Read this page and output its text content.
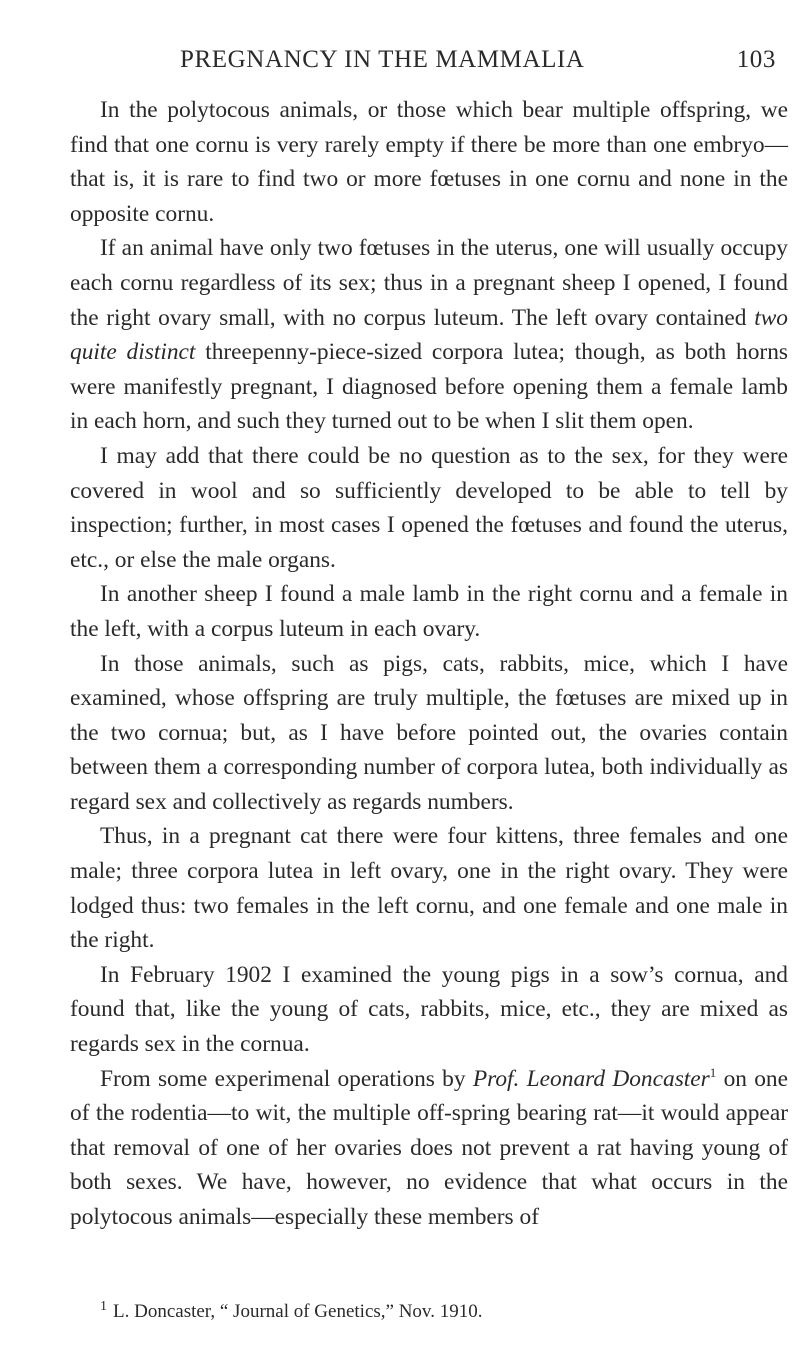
PREGNANCY IN THE MAMMALIA	103

In the polytocous animals, or those which bear multiple offspring, we find that one cornu is very rarely empty if there be more than one embryo—that is, it is rare to find two or more fœtuses in one cornu and none in the opposite cornu.

If an animal have only two fœtuses in the uterus, one will usually occupy each cornu regardless of its sex; thus in a pregnant sheep I opened, I found the right ovary small, with no corpus luteum. The left ovary contained two quite distinct threepenny-piece-sized corpora lutea; though, as both horns were manifestly pregnant, I diagnosed before opening them a female lamb in each horn, and such they turned out to be when I slit them open.

I may add that there could be no question as to the sex, for they were covered in wool and so sufficiently developed to be able to tell by inspection; further, in most cases I opened the fœtuses and found the uterus, etc., or else the male organs.

In another sheep I found a male lamb in the right cornu and a female in the left, with a corpus luteum in each ovary.

In those animals, such as pigs, cats, rabbits, mice, which I have examined, whose offspring are truly multiple, the fœtuses are mixed up in the two cornua; but, as I have before pointed out, the ovaries contain between them a corresponding number of corpora lutea, both individually as regard sex and collectively as regards numbers.

Thus, in a pregnant cat there were four kittens, three females and one male; three corpora lutea in left ovary, one in the right ovary. They were lodged thus: two females in the left cornu, and one female and one male in the right.

In February 1902 I examined the young pigs in a sow’s cornua, and found that, like the young of cats, rabbits, mice, etc., they are mixed as regards sex in the cornua.

From some experimenal operations by Prof. Leonard Doncaster$^1$ on one of the rodentia—to wit, the multiple off-spring bearing rat—it would appear that removal of one of her ovaries does not prevent a rat having young of both sexes. We have, however, no evidence that what occurs in the polytocous animals—especially these members of

$^1$ L. Doncaster, “ Journal of Genetics,” Nov. 1910.
